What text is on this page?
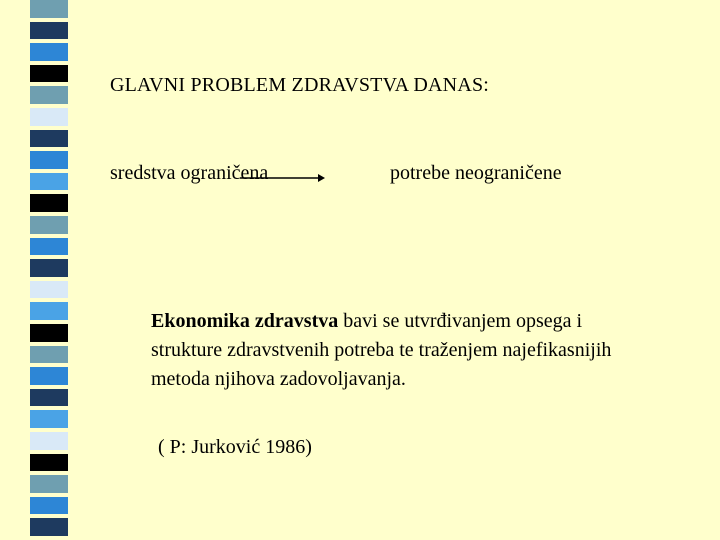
GLAVNI PROBLEM ZDRAVSTVA DANAS:
sredstva ograničena	potrebe neograničene
Ekonomika zdravstva bavi se utvrđivanjem opsega i strukture zdravstvenih potreba te traženjem najefikasnijih metoda njihova zadovoljavanja.
( P: Jurković 1986)
